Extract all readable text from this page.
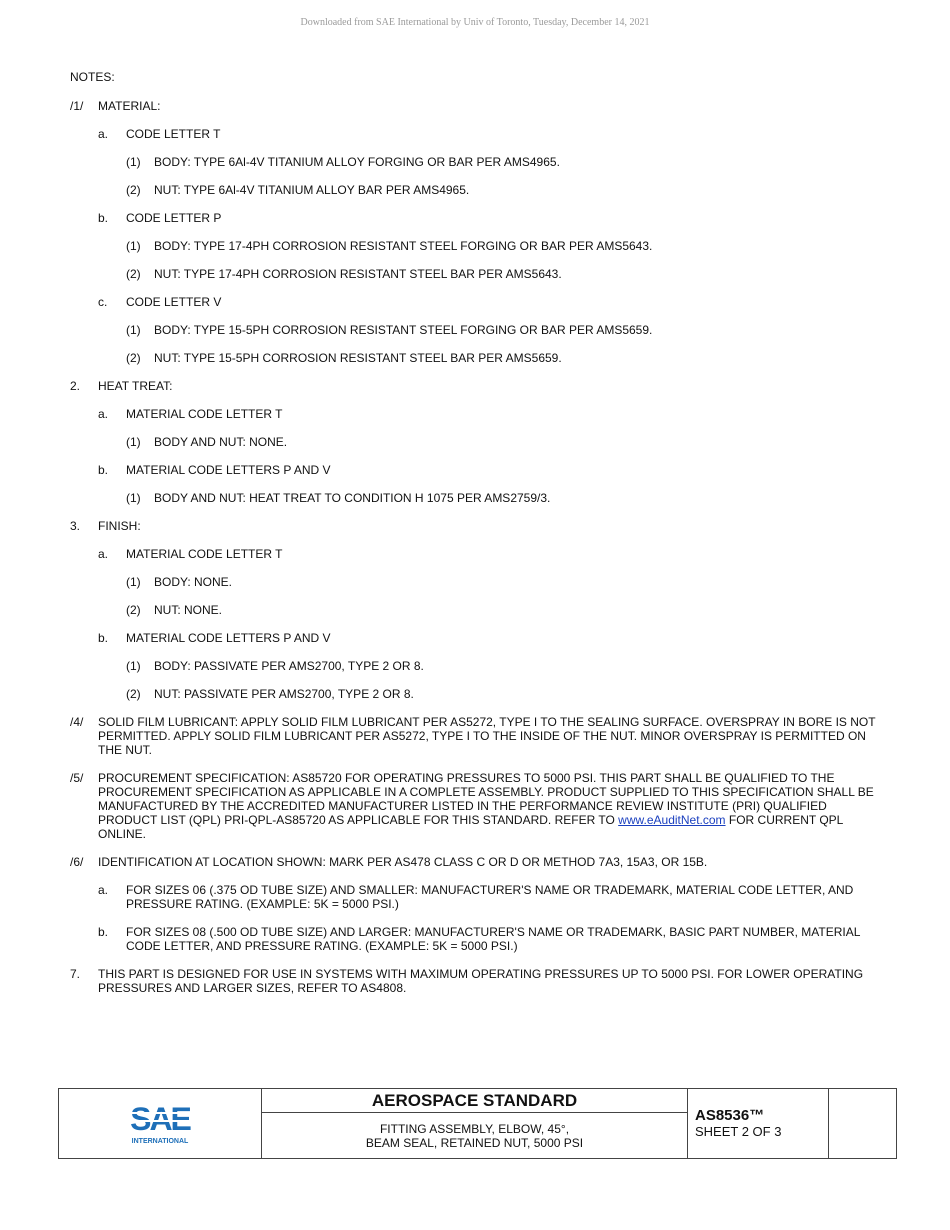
Downloaded from SAE International by Univ of Toronto, Tuesday, December 14, 2021
NOTES:
/1/	MATERIAL:
a.	CODE LETTER T
(1)	BODY: TYPE 6Al-4V TITANIUM ALLOY FORGING OR BAR PER AMS4965.
(2)	NUT: TYPE 6Al-4V TITANIUM ALLOY BAR PER AMS4965.
b.	CODE LETTER P
(1)	BODY: TYPE 17-4PH CORROSION RESISTANT STEEL FORGING OR BAR PER AMS5643.
(2)	NUT: TYPE 17-4PH CORROSION RESISTANT STEEL BAR PER AMS5643.
c.	CODE LETTER V
(1)	BODY: TYPE 15-5PH CORROSION RESISTANT STEEL FORGING OR BAR PER AMS5659.
(2)	NUT: TYPE 15-5PH CORROSION RESISTANT STEEL BAR PER AMS5659.
2.	HEAT TREAT:
a.	MATERIAL CODE LETTER T
(1)	BODY AND NUT: NONE.
b.	MATERIAL CODE LETTERS P AND V
(1)	BODY AND NUT: HEAT TREAT TO CONDITION H 1075 PER AMS2759/3.
3.	FINISH:
a.	MATERIAL CODE LETTER T
(1)	BODY: NONE.
(2)	NUT: NONE.
b.	MATERIAL CODE LETTERS P AND V
(1)	BODY: PASSIVATE PER AMS2700, TYPE 2 OR 8.
(2)	NUT: PASSIVATE PER AMS2700, TYPE 2 OR 8.
/4/	SOLID FILM LUBRICANT: APPLY SOLID FILM LUBRICANT PER AS5272, TYPE I TO THE SEALING SURFACE. OVERSPRAY IN BORE IS NOT PERMITTED. APPLY SOLID FILM LUBRICANT PER AS5272, TYPE I TO THE INSIDE OF THE NUT. MINOR OVERSPRAY IS PERMITTED ON THE NUT.
/5/	PROCUREMENT SPECIFICATION: AS85720 FOR OPERATING PRESSURES TO 5000 PSI. THIS PART SHALL BE QUALIFIED TO THE PROCUREMENT SPECIFICATION AS APPLICABLE IN A COMPLETE ASSEMBLY. PRODUCT SUPPLIED TO THIS SPECIFICATION SHALL BE MANUFACTURED BY THE ACCREDITED MANUFACTURER LISTED IN THE PERFORMANCE REVIEW INSTITUTE (PRI) QUALIFIED PRODUCT LIST (QPL) PRI-QPL-AS85720 AS APPLICABLE FOR THIS STANDARD. REFER TO www.eAuditNet.com FOR CURRENT QPL ONLINE.
/6/	IDENTIFICATION AT LOCATION SHOWN: MARK PER AS478 CLASS C OR D OR METHOD 7A3, 15A3, OR 15B.
a.	FOR SIZES 06 (.375 OD TUBE SIZE) AND SMALLER: MANUFACTURER'S NAME OR TRADEMARK, MATERIAL CODE LETTER, AND PRESSURE RATING. (EXAMPLE: 5K = 5000 PSI.)
b.	FOR SIZES 08 (.500 OD TUBE SIZE) AND LARGER: MANUFACTURER'S NAME OR TRADEMARK, BASIC PART NUMBER, MATERIAL CODE LETTER, AND PRESSURE RATING. (EXAMPLE: 5K = 5000 PSI.)
7.	THIS PART IS DESIGNED FOR USE IN SYSTEMS WITH MAXIMUM OPERATING PRESSURES UP TO 5000 PSI. FOR LOWER OPERATING PRESSURES AND LARGER SIZES, REFER TO AS4808.
SAE
INTERNATIONAL
AEROSPACE STANDARD
FITTING ASSEMBLY, ELBOW, 45°,
BEAM SEAL, RETAINED NUT, 5000 PSI
AS8536™
SHEET 2 OF 3
